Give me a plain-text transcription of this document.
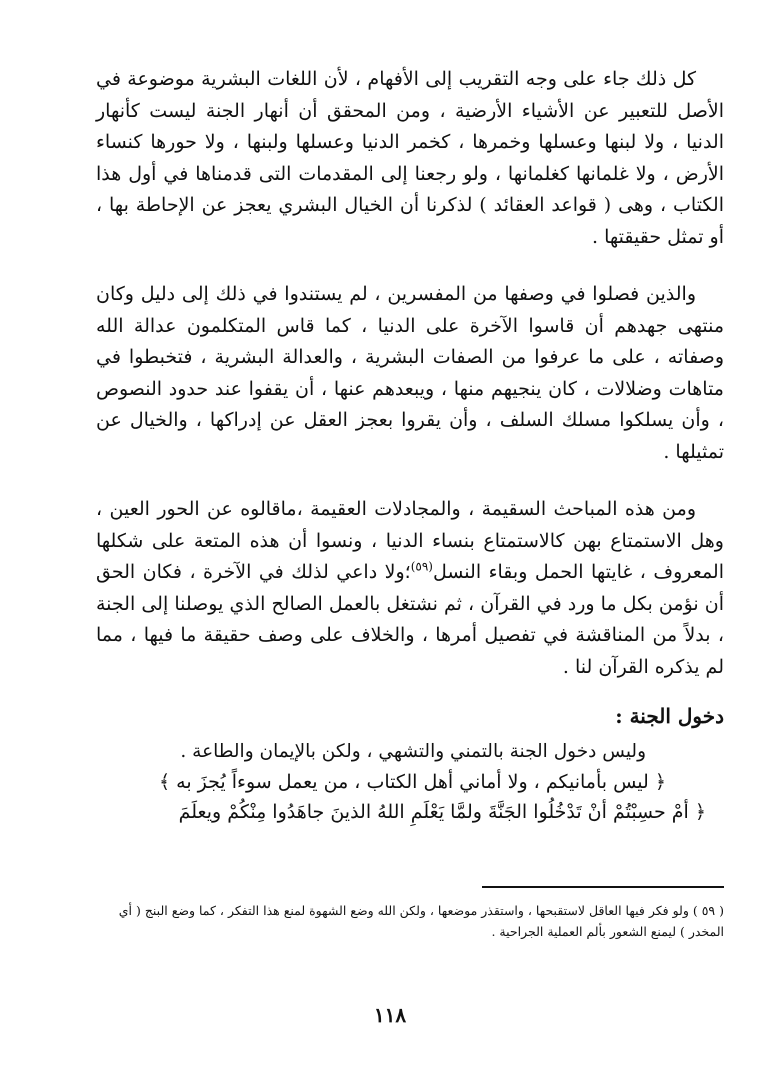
كل ذلك جاء على وجه التقريب إلى الأفهام ، لأن اللغات البشرية موضوعة في الأصل للتعبير عن الأشياء الأرضية ، ومن المحقق أن أنهار الجنة ليست كأنهار الدنيا ، ولا لبنها وعسلها وخمرها ، كخمر الدنيا وعسلها ولبنها ، ولا حورها كنساء الأرض ، ولا غلمانها كغلمانها ، ولو رجعنا إلى المقدمات التى قدمناها في أول هذا الكتاب ، وهى ( قواعد العقائد ) لذكرنا أن الخيال البشري يعجز عن الإحاطة بها ، أو تمثل حقيقتها .

والذين فصلوا في وصفها من المفسرين ، لم يستندوا في ذلك إلى دليل وكان منتهى جهدهم أن قاسوا الآخرة على الدنيا ، كما قاس المتكلمون عدالة الله وصفاته ، على ما عرفوا من الصفات البشرية ، والعدالة البشرية ، فتخبطوا في متاهات وضلالات ، كان ينجيهم منها ، ويبعدهم عنها ، أن يقفوا عند حدود النصوص ، وأن يسلكوا مسلك السلف ، وأن يقروا بعجز العقل عن إدراكها ، والخيال عن تمثيلها .

ومن هذه المباحث السقيمة ، والمجادلات العقيمة ،ماقالوه عن الحور العين ، وهل الاستمتاع بهن كالاستمتاع بنساء الدنيا ، ونسوا أن هذه المتعة على شكلها المعروف ، غايتها الحمل وبقاء النسل$^{(٥٩)}$؛ولا داعي لذلك في الآخرة ، فكان الحق أن نؤمن بكل ما ورد في القرآن ، ثم نشتغل بالعمل الصالح الذي يوصلنا إلى الجنة ، بدلاً من المناقشة في تفصيل أمرها ، والخلاف على وصف حقيقة ما فيها ، مما لم يذكره القرآن لنا .

دخول الجنة :

وليس دخول الجنة بالتمني والتشهي ، ولكن بالإيمان والطاعة .

﴿ ليس بأمانيكم ، ولا أماني أهل الكتاب ، من يعمل سوءاً يُجزَ به ﴾

﴿ أمْ حسِبْتُمْ أنْ تَدْخُلُوا الجَنَّةَ ولمَّا يَعْلَمِ اللهُ الذينَ جاهَدُوا مِنْكُمْ ويعلَمَ

( ٥٩ ) ولو فكر فيها العاقل لاستقبحها ، واستقذر موضعها ، ولكن الله وضع الشهوة لمنع هذا التفكر ، كما وضع البنج ( أي المخدر ) ليمنع الشعور بألم العملية الجراحية .

١١٨
